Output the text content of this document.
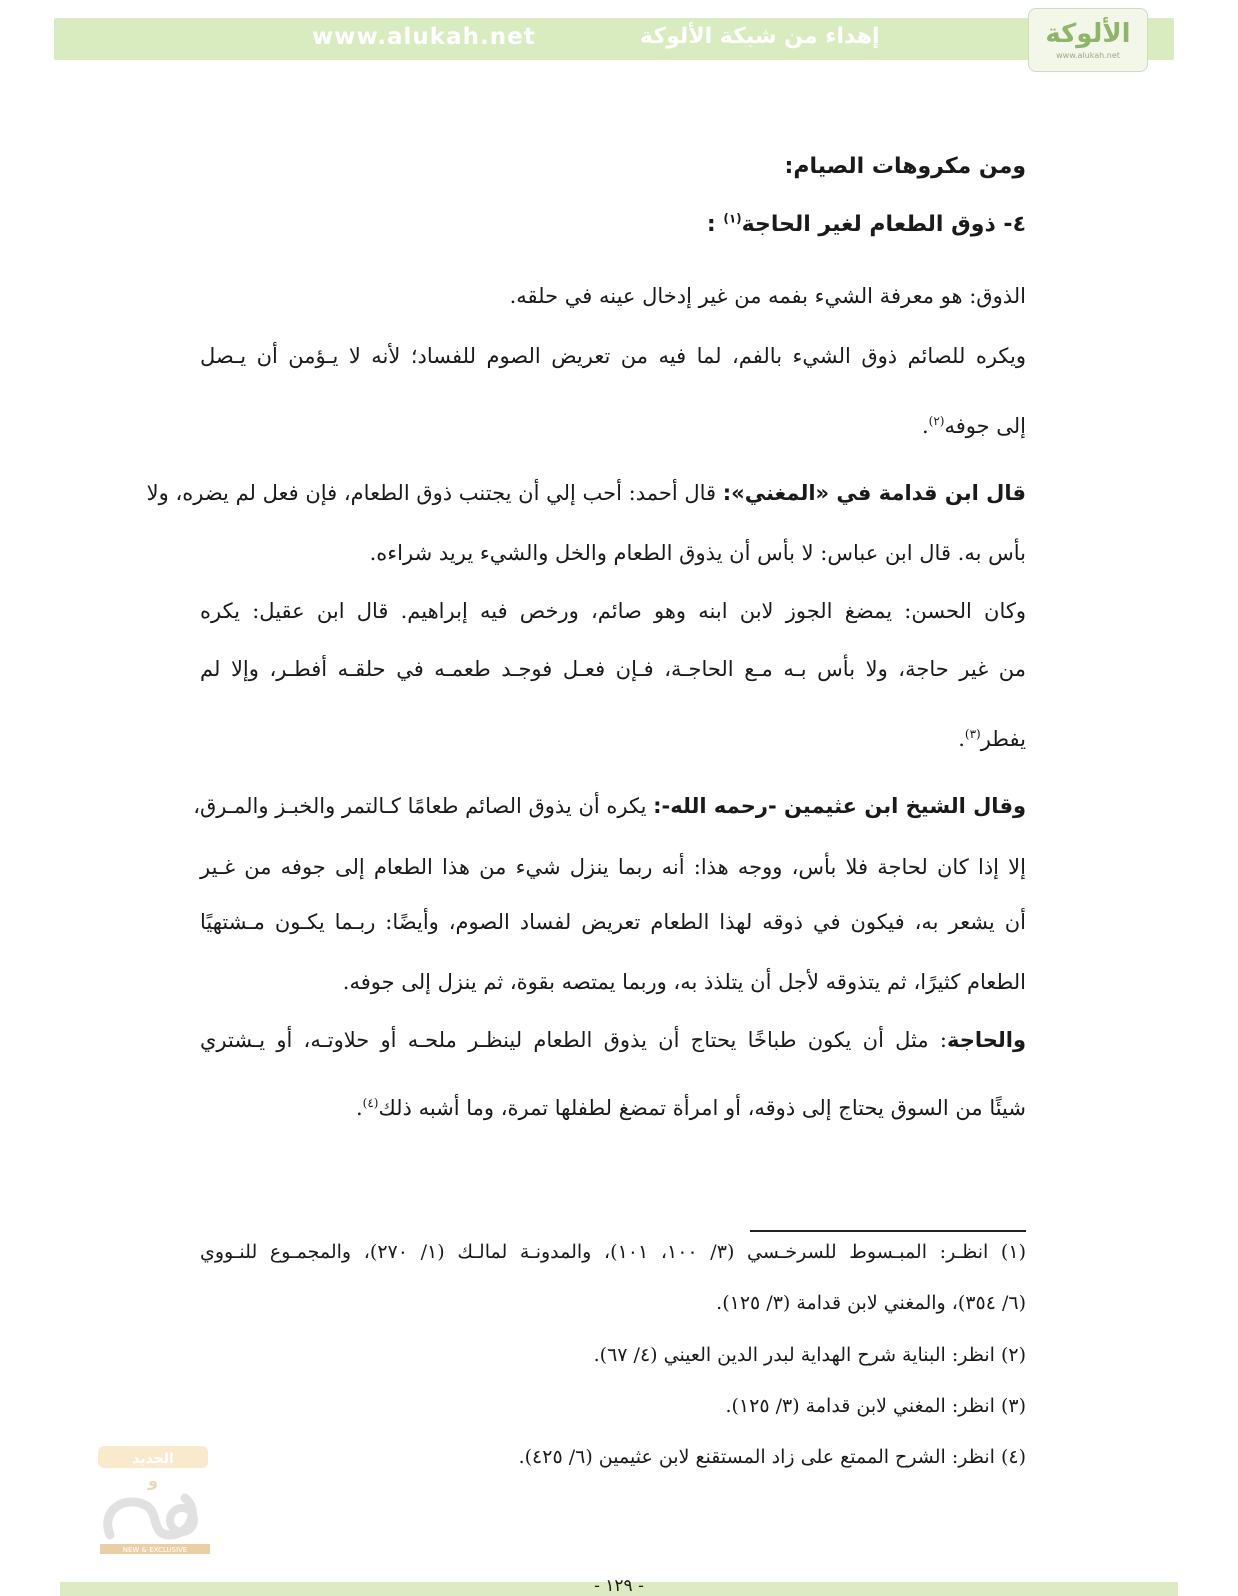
www.alukah.net	إهداء من شبكة الألوكة	الألوكة
www.alukah.net
ومن مكروهات الصيام:
٤- ذوق الطعام لغير الحاجة$^{(١)}$ :
الذوق: هو معرفة الشيء بفمه من غير إدخال عينه في حلقه.
ويكره للصائم ذوق الشيء بالفم، لما فيه من تعريض الصوم للفساد؛ لأنه لا يـؤمن أن يـصل
إلى جوفه$^{(٢)}$.
قال ابن قدامة في «المغني»: قال أحمد: أحب إلي أن يجتنب ذوق الطعام، فإن فعل لم يضره، ولا
بأس به. قال ابن عباس: لا بأس أن يذوق الطعام والخل والشيء يريد شراءه.
وكان الحسن: يمضغ الجوز لابن ابنه وهو صائم، ورخص فيه إبراهيم. قال ابن عقيل: يكره
من غير حاجة، ولا بأس بـه مـع الحاجـة، فـإن فعـل فوجـد طعمـه في حلقـه أفطـر، وإلا لم
يفطر$^{(٣)}$.
وقال الشيخ ابن عثيمين -رحمه الله-: يكره أن يذوق الصائم طعامًا كـالتمر والخبـز والمـرق،
إلا إذا كان لحاجة فلا بأس، ووجه هذا: أنه ربما ينزل شيء من هذا الطعام إلى جوفه من غـير
أن يشعر به، فيكون في ذوقه لهذا الطعام تعريض لفساد الصوم، وأيضًا: ربـما يكـون مـشتهيًا
الطعام كثيرًا، ثم يتذوقه لأجل أن يتلذذ به، وربما يمتصه بقوة، ثم ينزل إلى جوفه.
والحاجة: مثل أن يكون طباخًا يحتاج أن يذوق الطعام لينظـر ملحـه أو حلاوتـه، أو يـشتري
شيئًا من السوق يحتاج إلى ذوقه، أو امرأة تمضغ لطفلها تمرة، وما أشبه ذلك$^{(٤)}$.
(١) انظـر: المبـسوط للسرخـسي (٣/ ١٠٠، ١٠١)، والمدونـة لمالـك (١/ ٢٧٠)، والمجمـوع للنـووي
(٦/ ٣٥٤)، والمغني لابن قدامة (٣/ ١٢٥).
(٢) انظر: البناية شرح الهداية لبدر الدين العيني (٤/ ٦٧).
(٣) انظر: المغني لابن قدامة (٣/ ١٢٥).
(٤) انظر: الشرح الممتع على زاد المستقنع لابن عثيمين (٦/ ٤٢٥).
الجديد
و
NEW & EXCLUSIVE
- ١٢٩ -
